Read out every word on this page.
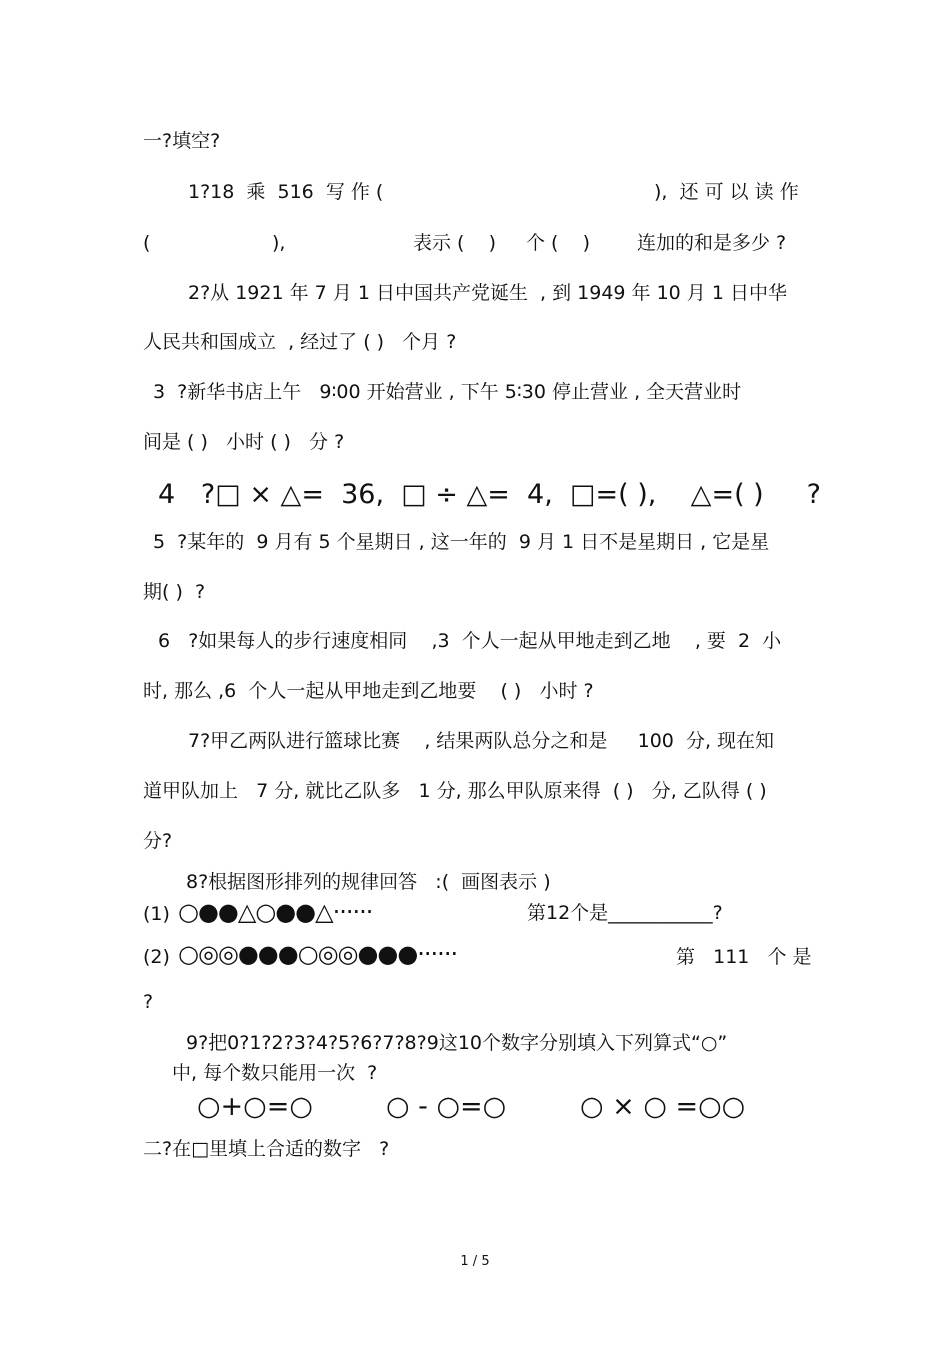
一?填空?
1?18  乘  516  写 作 (	),  还 可 以 读 作
(	),	表示 (    ) 个 (    ) 连加的和是多少 ?
2?从 1921 年 7 月 1 日中国共产党诞生  , 到 1949 年 10 月 1 日中华
人民共和国成立  , 经过了 ( )   个月 ?
3  ?新华书店上午   9∶00 开始营业 , 下午 5∶30 停止营业 , 全天营业时
间是 ( )   小时 ( )   分 ?
4   ?□ × △=  36,  □ ÷ △=  4,  □=( ),    △=( )     ?
5  ?某年的  9 月有 5 个星期日 , 这一年的  9 月 1 日不是星期日 , 它是星
期( )  ?
6   ?如果每人的步行速度相同    ,3  个人一起从甲地走到乙地    , 要  2  小
时, 那么 ,6  个人一起从甲地走到乙地要    ( )   小时 ?
7?甲乙两队进行篮球比赛    , 结果两队总分之和是     100  分, 现在知
道甲队加上   7 分, 就比乙队多   1 分, 那么甲队原来得  ( )   分, 乙队得 ( )
分?
8?根据图形排列的规律回答   :(  画图表示 )
(1) ○●●△○●●△······	第12个是___________?
(2) ○◎◎●●●○◎◎●●●······	第   111   个 是
?
9?把0?1?2?3?4?5?6?7?8?9这10个数字分别填入下列算式“○”
中, 每个数只能用一次  ?
○+○=○	○ - ○=○	○ × ○ =○○
二?在□里填上合适的数字   ?
1 / 5
